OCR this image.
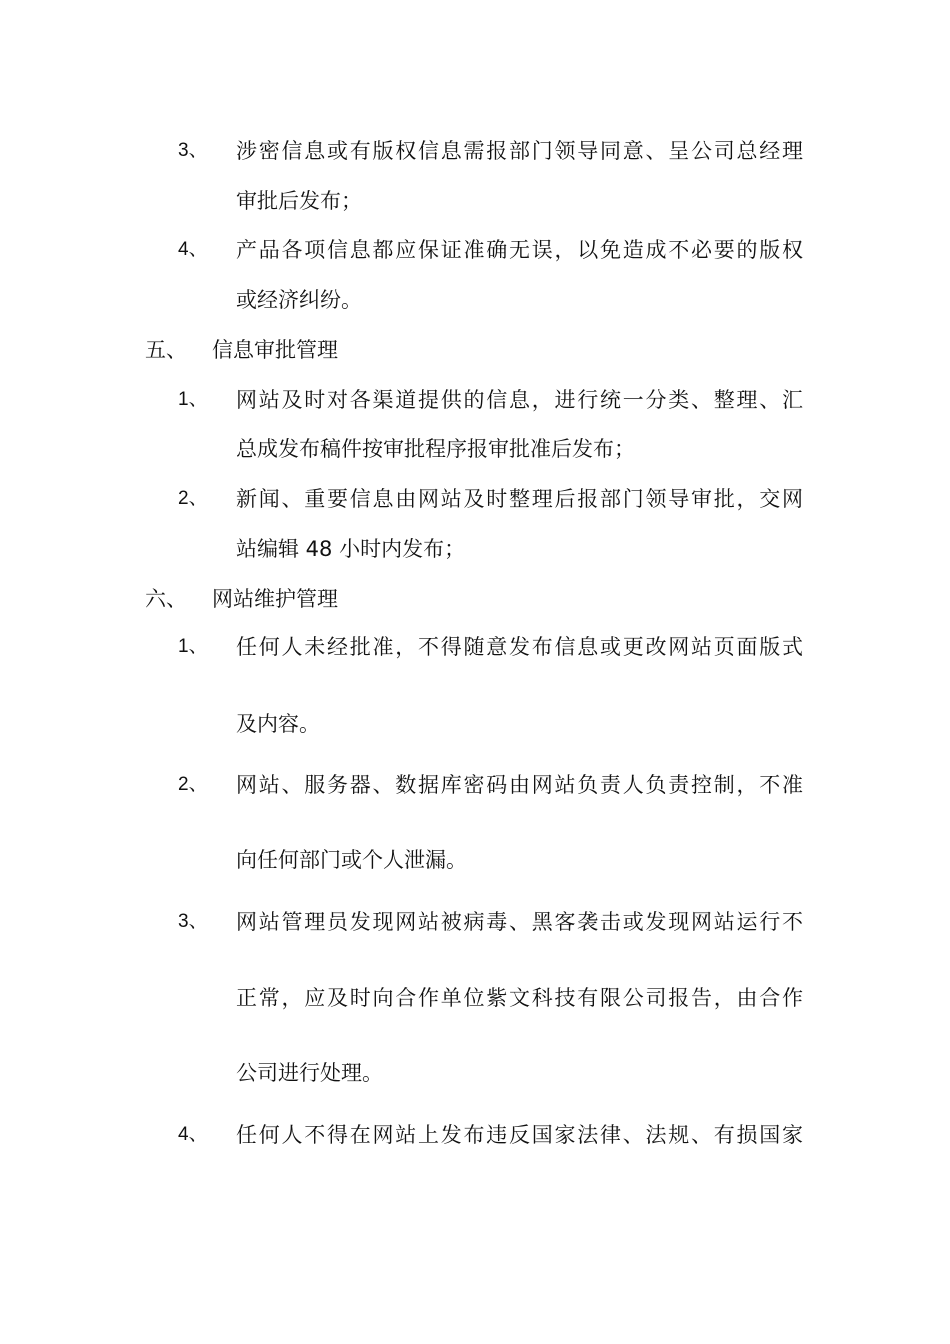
3、 涉密信息或有版权信息需报部门领导同意、呈公司总经理
审批后发布；
4、 产品各项信息都应保证准确无误，以免造成不必要的版权
或经济纠纷。
五、 信息审批管理
1、 网站及时对各渠道提供的信息，进行统一分类、整理、汇
总成发布稿件按审批程序报审批准后发布；
2、 新闻、重要信息由网站及时整理后报部门领导审批，交网
站编辑 48 小时内发布；
六、 网站维护管理
1、 任何人未经批准，不得随意发布信息或更改网站页面版式
及内容。
2、 网站、服务器、数据库密码由网站负责人负责控制，不准
向任何部门或个人泄漏。
3、 网站管理员发现网站被病毒、黑客袭击或发现网站运行不
正常，应及时向合作单位紫文科技有限公司报告，由合作
公司进行处理。
4、 任何人不得在网站上发布违反国家法律、法规、有损国家
